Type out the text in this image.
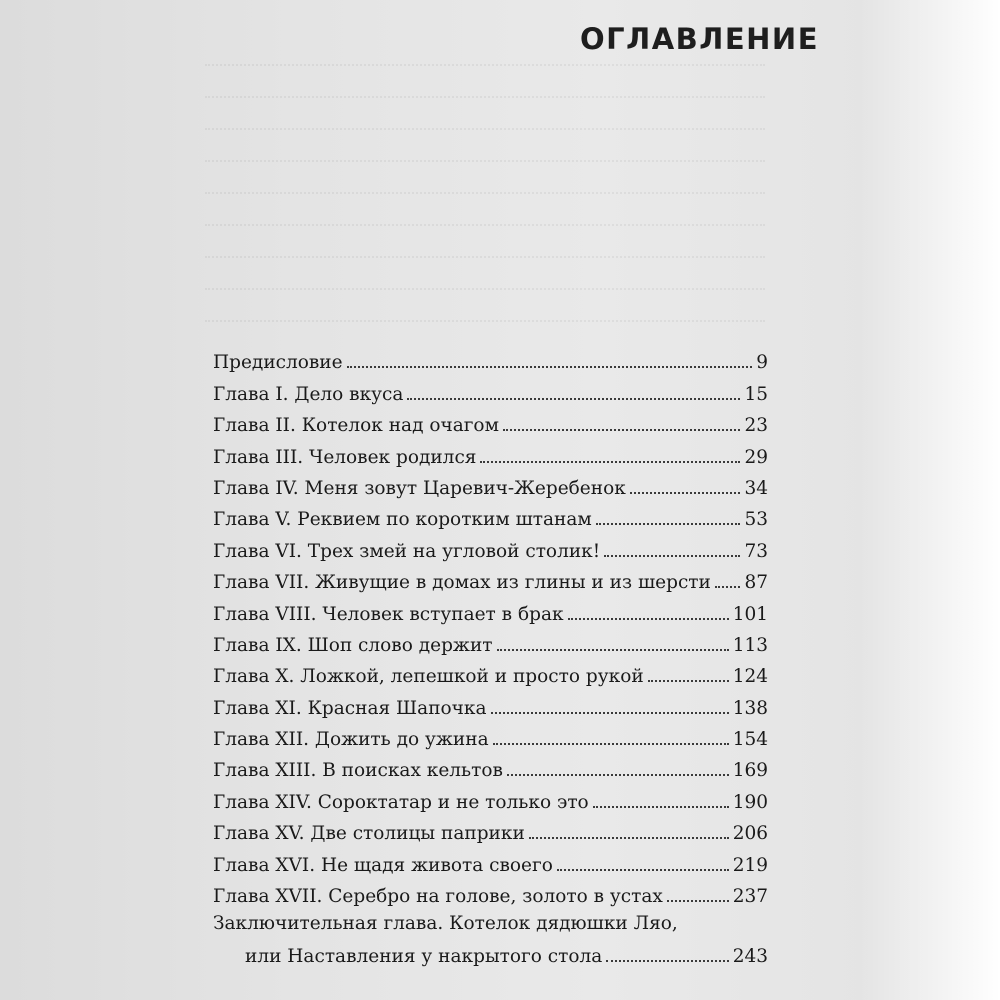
ОГЛАВЛЕНИЕ
Предисловие	9
Глава I. Дело вкуса	15
Глава II. Котелок над очагом	23
Глава III. Человек родился	29
Глава IV. Меня зовут Царевич-Жеребенок	34
Глава V. Реквием по коротким штанам	53
Глава VI. Трех змей на угловой столик!	73
Глава VII. Живущие в домах из глины и из шерсти 87
Глава VIII. Человек вступает в брак	101
Глава IX. Шоп слово держит	113
Глава X. Ложкой, лепешкой и просто рукой	124
Глава XI. Красная Шапочка	138
Глава XII. Дожить до ужина	154
Глава XIII. В поисках кельтов	169
Глава XIV. Сороктатар и не только это	190
Глава XV. Две столицы паприки	206
Глава XVI. Не щадя живота своего	219
Глава XVII. Серебро на голове, золото в устах	237
Заключительная глава. Котелок дядюшки Ляо,
или Наставления у накрытого стола	243
